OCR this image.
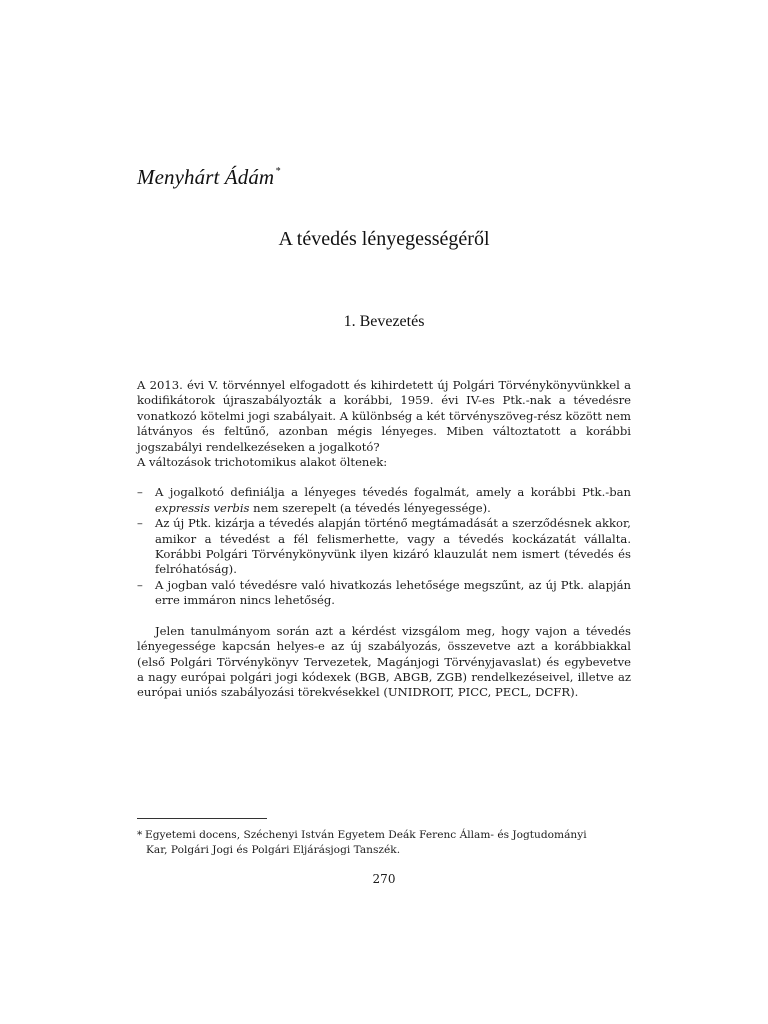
Menyhárt Ádám*
A tévedés lényegességéről
1. Bevezetés

A 2013. évi V. törvénnyel elfogadott és kihirdetett új Polgári Törvénykönyvünkkel a kodifikátorok újraszabályozták a korábbi, 1959. évi IV-es Ptk.-nak a tévedésre vonatkozó kötelmi jogi szabályait. A különbség a két törvényszöveg-rész között nem látványos és feltűnő, azonban mégis lényeges. Miben változtatott a korábbi jogszabályi rendelkezéseken a jogalkotó?

A változások trichotomikus alakot öltenek:

– A jogalkotó definiálja a lényeges tévedés fogalmát, amely a korábbi Ptk.-ban expressis verbis nem szerepelt (a tévedés lényegessége).
– Az új Ptk. kizárja a tévedés alapján történő megtámadását a szerződésnek akkor, amikor a tévedést a fél felismerhette, vagy a tévedés kockázatát vállalta. Korábbi Polgári Törvénykönyvünk ilyen kizáró klauzulát nem ismert (tévedés és felróhatóság).
– A jogban való tévedésre való hivatkozás lehetősége megszűnt, az új Ptk. alapján erre immáron nincs lehetőség.

Jelen tanulmányom során azt a kérdést vizsgálom meg, hogy vajon a tévedés lényegessége kapcsán helyes-e az új szabályozás, összevetve azt a korábbiakkal (első Polgári Törvénykönyv Tervezetek, Magánjogi Törvényjavaslat) és egybevetve a nagy európai polgári jogi kódexek (BGB, ABGB, ZGB) rendelkezéseivel, illetve az európai uniós szabályozási törekvésekkel (UNIDROIT, PICC, PECL, DCFR).

* Egyetemi docens, Széchenyi István Egyetem Deák Ferenc Állam- és Jogtudományi
Kar, Polgári Jogi és Polgári Eljárásjogi Tanszék.
270
